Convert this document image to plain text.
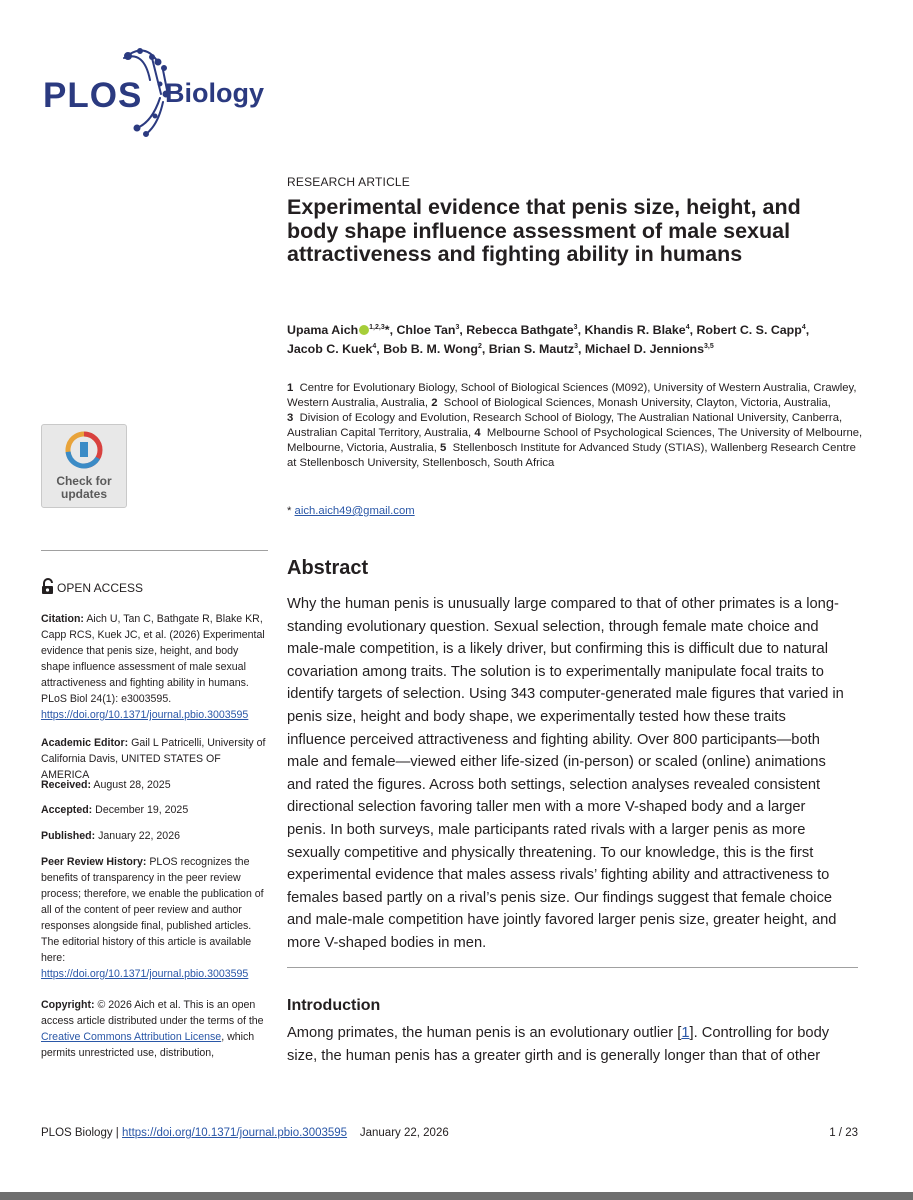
PLOS Biology
Check for updates
RESEARCH ARTICLE
Experimental evidence that penis size, height, and body shape influence assessment of male sexual attractiveness and fighting ability in humans
Upama Aich $^{1,2,3}$*, Chloe Tan$^3$, Rebecca Bathgate$^3$, Khandis R. Blake$^4$, Robert C. S. Capp$^4$, Jacob C. Kuek$^4$, Bob B. M. Wong$^2$, Brian S. Mautz$^3$, Michael D. Jennions$^{3,5}$
1 Centre for Evolutionary Biology, School of Biological Sciences (M092), University of Western Australia, Crawley, Western Australia, Australia, 2 School of Biological Sciences, Monash University, Clayton, Victoria, Australia, 3 Division of Ecology and Evolution, Research School of Biology, The Australian National University, Canberra, Australian Capital Territory, Australia, 4 Melbourne School of Psychological Sciences, The University of Melbourne, Melbourne, Victoria, Australia, 5 Stellenbosch Institute for Advanced Study (STIAS), Wallenberg Research Centre at Stellenbosch University, Stellenbosch, South Africa
* aich.aich49@gmail.com
Abstract
Why the human penis is unusually large compared to that of other primates is a long-standing evolutionary question. Sexual selection, through female mate choice and male-male competition, is a likely driver, but confirming this is difficult due to natural covariation among traits. The solution is to experimentally manipulate focal traits to identify targets of selection. Using 343 computer-generated male figures that varied in penis size, height and body shape, we experimentally tested how these traits influence perceived attractiveness and fighting ability. Over 800 participants—both male and female—viewed either life-sized (in-person) or scaled (online) animations and rated the figures. Across both settings, selection analyses revealed consistent directional selection favoring taller men with a more V-shaped body and a larger penis. In both surveys, male participants rated rivals with a larger penis as more sexually competitive and physically threatening. To our knowledge, this is the first experimental evidence that males assess rivals’ fighting ability and attractiveness to females based partly on a rival’s penis size. Our findings suggest that female choice and male-male competition have jointly favored larger penis size, greater height, and more V-shaped bodies in men.
Introduction
Among primates, the human penis is an evolutionary outlier [1]. Controlling for body size, the human penis has a greater girth and is generally longer than that of other
OPEN ACCESS
Citation: Aich U, Tan C, Bathgate R, Blake KR, Capp RCS, Kuek JC, et al. (2026) Experimental evidence that penis size, height, and body shape influence assessment of male sexual attractiveness and fighting ability in humans. PLoS Biol 24(1): e3003595. https://doi.org/10.1371/journal.pbio.3003595
Academic Editor: Gail L Patricelli, University of California Davis, UNITED STATES OF AMERICA
Received: August 28, 2025
Accepted: December 19, 2025
Published: January 22, 2026
Peer Review History: PLOS recognizes the benefits of transparency in the peer review process; therefore, we enable the publication of all of the content of peer review and author responses alongside final, published articles. The editorial history of this article is available here: https://doi.org/10.1371/journal.pbio.3003595
Copyright: © 2026 Aich et al. This is an open access article distributed under the terms of the Creative Commons Attribution License, which permits unrestricted use, distribution,
PLOS Biology | https://doi.org/10.1371/journal.pbio.3003595 January 22, 2026	1 / 23
